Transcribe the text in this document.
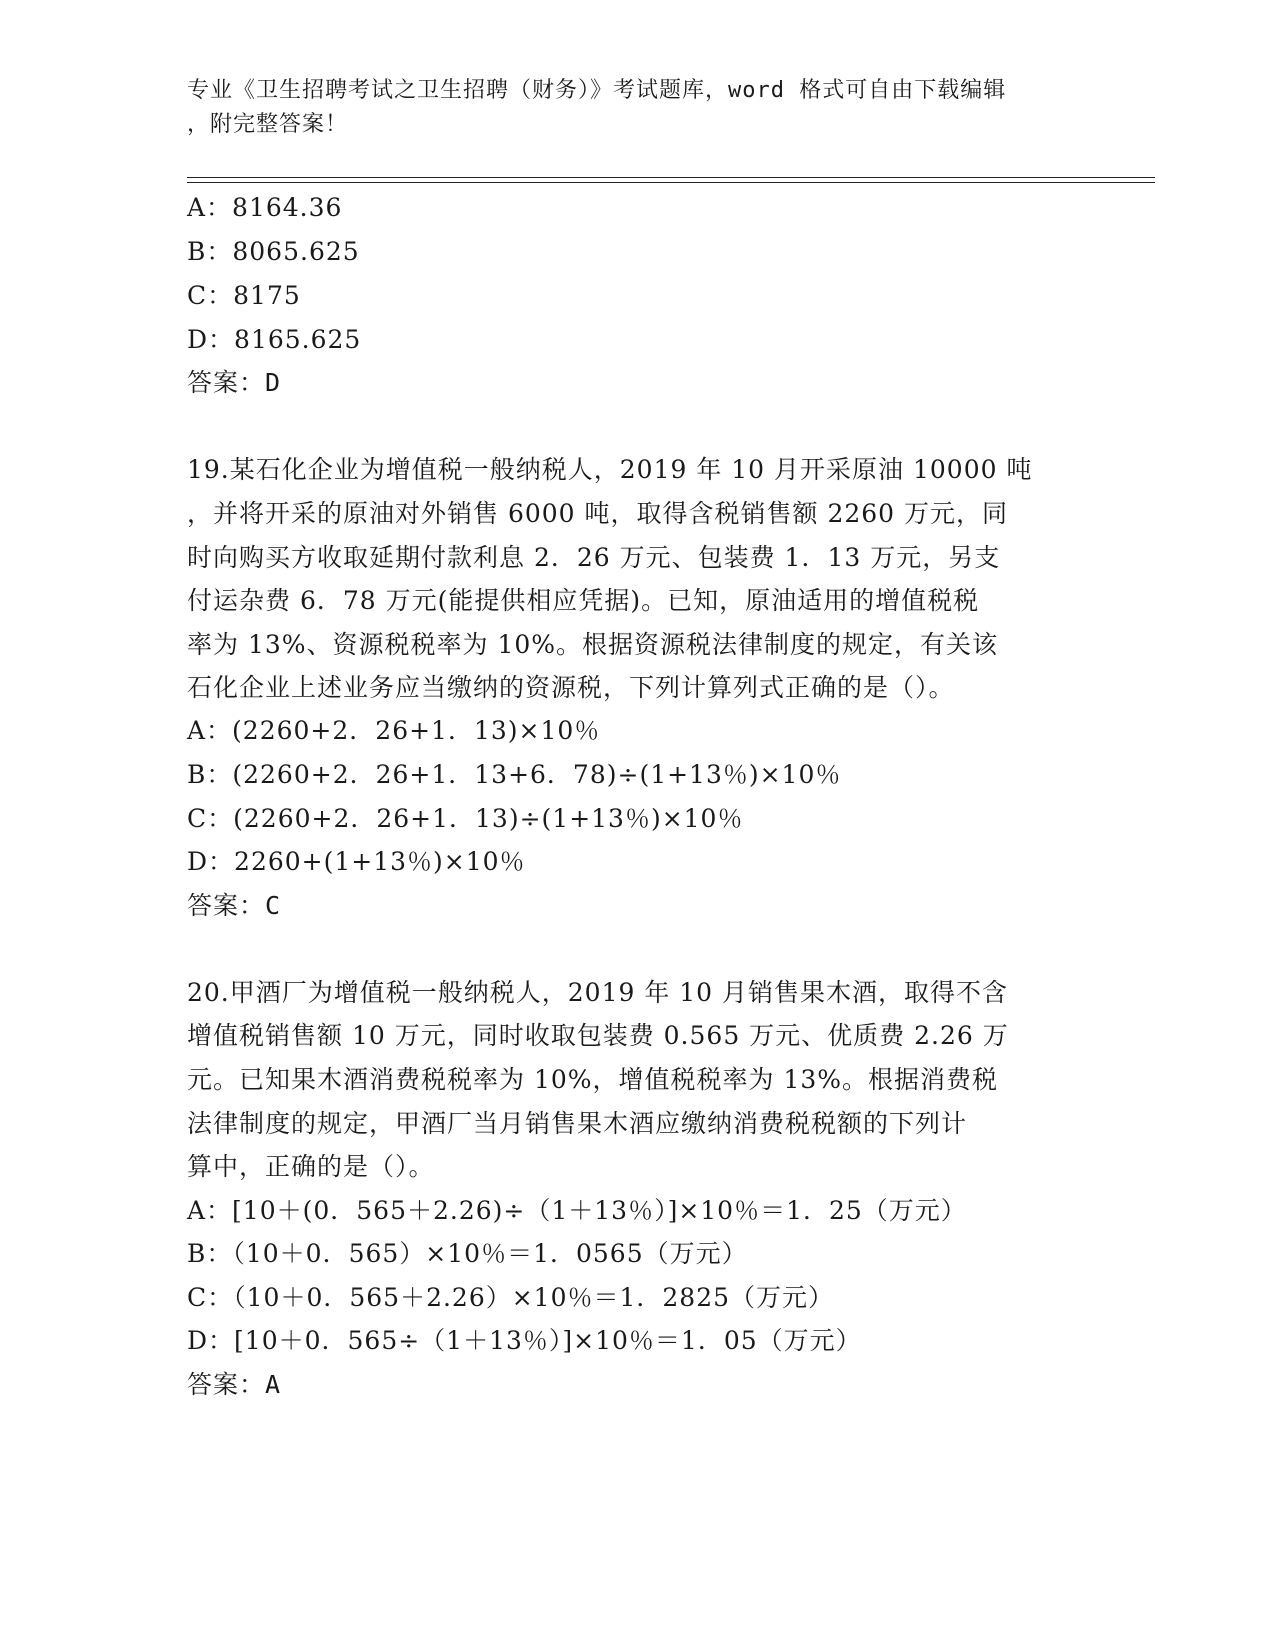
专业《卫生招聘考试之卫生招聘（财务）》考试题库，word 格式可自由下载编辑
，附完整答案！
A：8164.36
B：8065.625
C：8175
D：8165.625
答案：D
19.某石化企业为增值税一般纳税人，2019 年 10 月开采原油 10000 吨
，并将开采的原油对外销售 6000 吨，取得含税销售额 2260 万元，同
时向购买方收取延期付款利息 2．26 万元、包装费 1．13 万元，另支
付运杂费 6．78 万元(能提供相应凭据)。已知，原油适用的增值税税
率为 13%、资源税税率为 10%。根据资源税法律制度的规定，有关该
石化企业上述业务应当缴纳的资源税，下列计算列式正确的是（）。
A：(2260+2．26+1．13)×10％
B：(2260+2．26+1．13+6．78)÷(1+13％)×10％
C：(2260+2．26+1．13)÷(1+13％)×10％
D：2260+(1+13％)×10％
答案：C
20.甲酒厂为增值税一般纳税人，2019 年 10 月销售果木酒，取得不含
增值税销售额 10 万元，同时收取包装费 0.565 万元、优质费 2.26 万
元。已知果木酒消费税税率为 10%，增值税税率为 13%。根据消费税
法律制度的规定，甲酒厂当月销售果木酒应缴纳消费税税额的下列计
算中，正确的是（）。
A：[10＋(0．565＋2.26)÷（1＋13％）]×10％＝1．25（万元）
B：（10＋0．565）×10％＝1．0565（万元）
C：（10＋0．565＋2.26）×10％＝1．2825（万元）
D：[10＋0．565÷（1＋13％）]×10％＝1．05（万元）
答案：A
